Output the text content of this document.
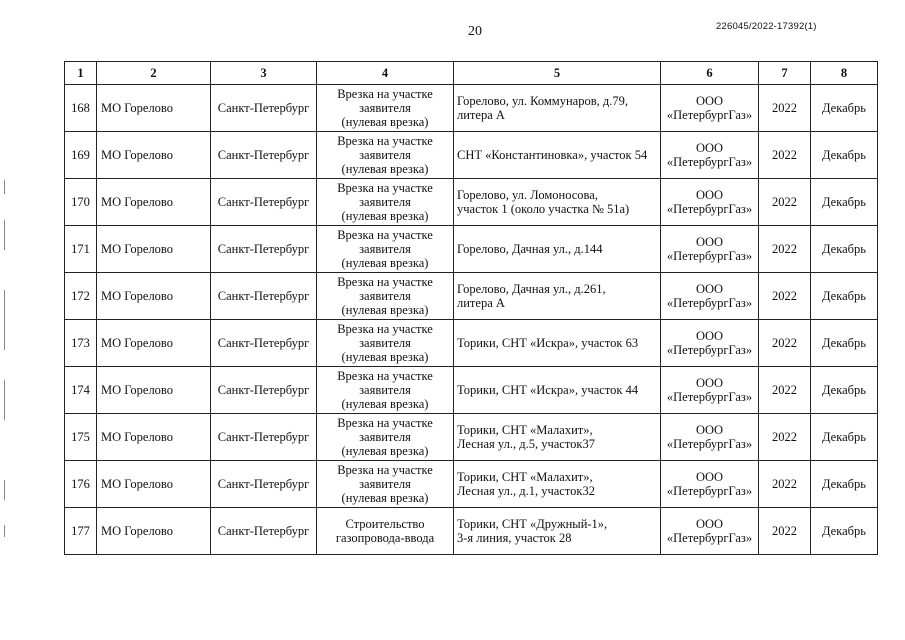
20	226045/2022-17392(1)
1	2	3	4	5	6	7	8
168	МО Горелово	Санкт-Петербург	Врезка на участке
заявителя
(нулевая врезка)	Горелово, ул. Коммунаров, д.79,
литера А	ООО
«ПетербургГаз»	2022	Декабрь
169	МО Горелово	Санкт-Петербург	Врезка на участке
заявителя
(нулевая врезка)	СНТ «Константиновка», участок 54	ООО
«ПетербургГаз»	2022	Декабрь
170	МО Горелово	Санкт-Петербург	Врезка на участке
заявителя
(нулевая врезка)	Горелово, ул. Ломоносова,
участок 1 (около участка № 51а)	ООО
«ПетербургГаз»	2022	Декабрь
171	МО Горелово	Санкт-Петербург	Врезка на участке
заявителя
(нулевая врезка)	Горелово, Дачная ул., д.144	ООО
«ПетербургГаз»	2022	Декабрь
172	МО Горелово	Санкт-Петербург	Врезка на участке
заявителя
(нулевая врезка)	Горелово, Дачная ул., д.261,
литера А	ООО
«ПетербургГаз»	2022	Декабрь
173	МО Горелово	Санкт-Петербург	Врезка на участке
заявителя
(нулевая врезка)	Торики, СНТ «Искра», участок 63	ООО
«ПетербургГаз»	2022	Декабрь
174	МО Горелово	Санкт-Петербург	Врезка на участке
заявителя
(нулевая врезка)	Торики, СНТ «Искра», участок 44	ООО
«ПетербургГаз»	2022	Декабрь
175	МО Горелово	Санкт-Петербург	Врезка на участке
заявителя
(нулевая врезка)	Торики, СНТ «Малахит»,
Лесная ул., д.5, участок37	ООО
«ПетербургГаз»	2022	Декабрь
176	МО Горелово	Санкт-Петербург	Врезка на участке
заявителя
(нулевая врезка)	Торики, СНТ «Малахит»,
Лесная ул., д.1, участок32	ООО
«ПетербургГаз»	2022	Декабрь
177	МО Горелово	Санкт-Петербург	Строительство
газопровода-ввода	Торики, СНТ «Дружный-1»,
3-я линия, участок 28	ООО
«ПетербургГаз»	2022	Декабрь
